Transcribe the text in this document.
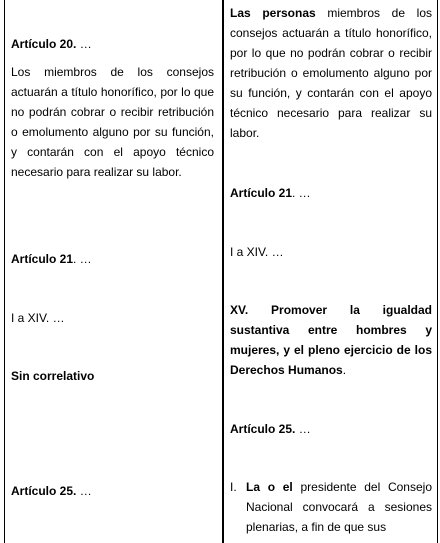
Artículo 20. …

Los miembros de los consejos actuarán a título honorífico, por lo que no podrán cobrar o recibir retribución o emolumento alguno por su función, y contarán con el apoyo técnico necesario para realizar su labor.

Artículo 21. …

I a XIV. …

Sin correlativo

Artículo 25. …

Las personas miembros de los consejos actuarán a título honorífico, por lo que no podrán cobrar o recibir retribución o emolumento alguno por su función, y contarán con el apoyo técnico necesario para realizar su labor.

Artículo 21. …

I a XIV. …

XV. Promover la igualdad sustantiva entre hombres y mujeres, y el pleno ejercicio de los Derechos Humanos.

Artículo 25. …

I. La o el presidente del Consejo Nacional convocará a sesiones plenarias, a fin de que sus
